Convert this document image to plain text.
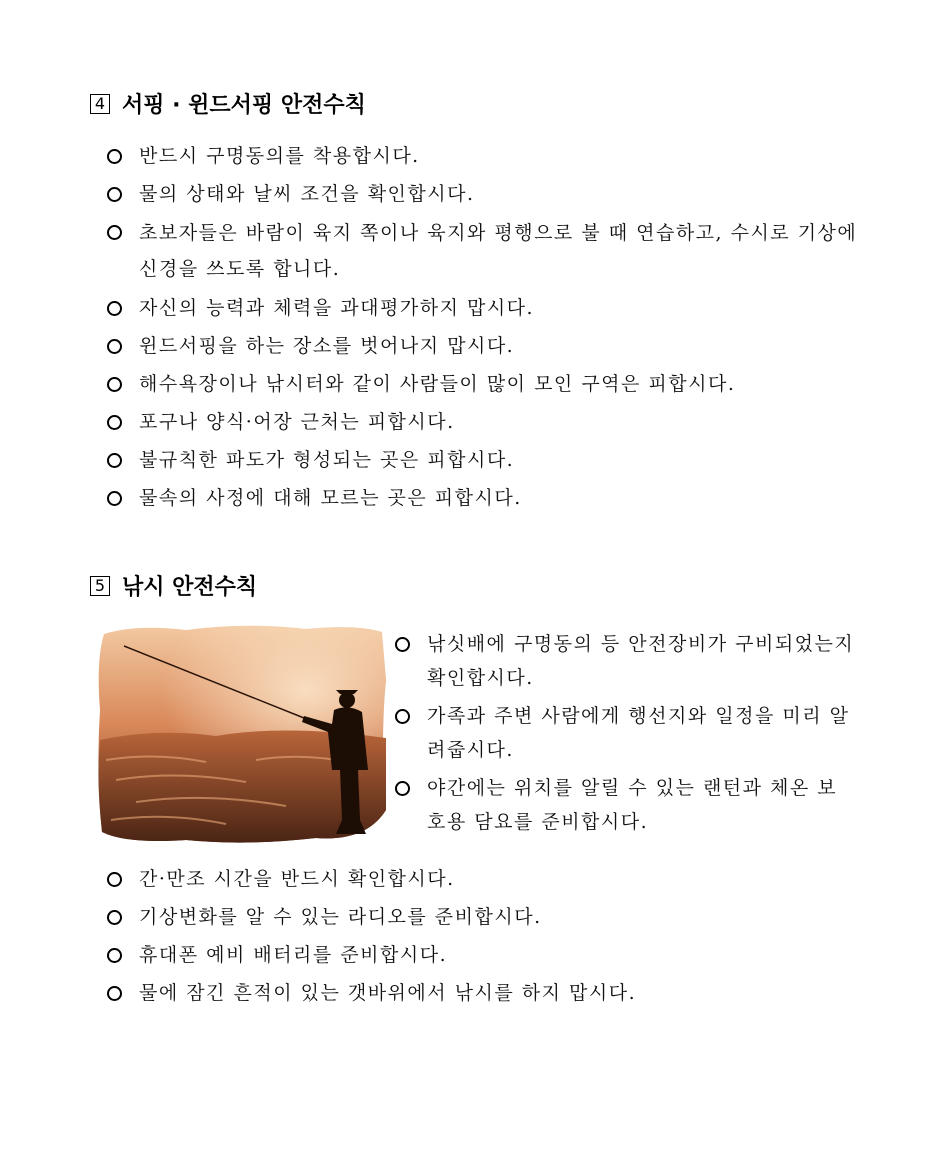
4 서핑 · 윈드서핑 안전수칙
반드시 구명동의를 착용합시다.
물의 상태와 날씨 조건을 확인합시다.
초보자들은 바람이 육지 쪽이나 육지와 평행으로 불 때 연습하고, 수시로 기상에 신경을 쓰도록 합니다.
자신의 능력과 체력을 과대평가하지 맙시다.
윈드서핑을 하는 장소를 벗어나지 맙시다.
해수욕장이나 낚시터와 같이 사람들이 많이 모인 구역은 피합시다.
포구나 양식·어장 근처는 피합시다.
불규칙한 파도가 형성되는 곳은 피합시다.
물속의 사정에 대해 모르는 곳은 피합시다.
5 낚시 안전수칙
낚싯배에 구명동의 등 안전장비가 구비되었는지 확인합시다.
가족과 주변 사람에게 행선지와 일정을 미리 알려줍시다.
야간에는 위치를 알릴 수 있는 랜턴과 체온 보호용 담요를 준비합시다.
간·만조 시간을 반드시 확인합시다.
기상변화를 알 수 있는 라디오를 준비합시다.
휴대폰 예비 배터리를 준비합시다.
물에 잠긴 흔적이 있는 갯바위에서 낚시를 하지 맙시다.
